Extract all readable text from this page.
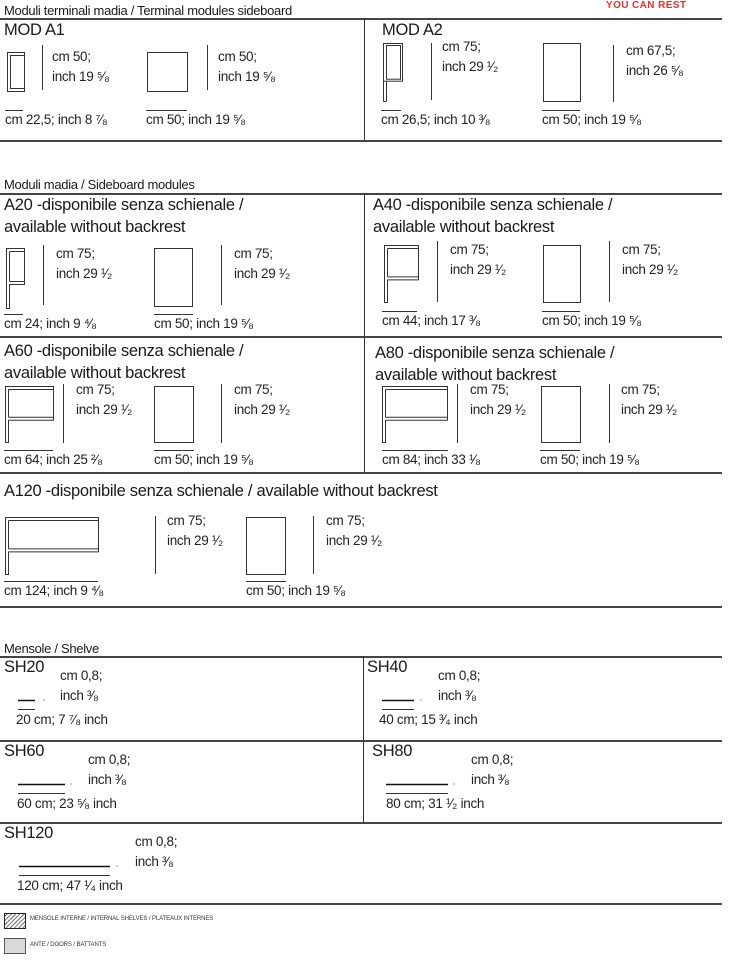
YOU CAN REST
Moduli terminali madia / Terminal modules sideboard
Moduli madia / Sideboard modules
Mensole / Shelve
MENSOLE INTERNE / INTERNAL SHELVES / PLATEAUX INTERNES
ANTE / DOORS / BATTANTS
MOD A1
cm 50;
inch 19 ⁵⁄₈
cm 22,5; inch 8 ⁷⁄₈
cm 50;
inch 19 ⁵⁄₈
cm 50; inch 19 ⁵⁄₈
MOD A2
cm 75;
inch 29 ¹⁄₂
cm 26,5; inch 10 ³⁄₈
cm 67,5;
inch 26 ⁵⁄₈
cm 50; inch 19 ⁵⁄₈
A20 -disponibile senza schienale /
available without backrest
cm 75;
inch 29 ¹⁄₂
cm 24; inch 9 ⁴⁄₈
cm 75;
inch 29 ¹⁄₂
cm 50; inch 19 ⁵⁄₈
A40 -disponibile senza schienale /
available without backrest
cm 75;
inch 29 ¹⁄₂
cm 44; inch 17 ³⁄₈
cm 75;
inch 29 ¹⁄₂
cm 50; inch 19 ⁵⁄₈
A60 -disponibile senza schienale /
available without backrest
cm 75;
inch 29 ¹⁄₂
cm 64; inch 25 ²⁄₈
cm 75;
inch 29 ¹⁄₂
cm 50; inch 19 ⁵⁄₈
A80 -disponibile senza schienale /
available without backrest
cm 75;
inch 29 ¹⁄₂
cm 84; inch 33 ¹⁄₈
cm 75;
inch 29 ¹⁄₂
cm 50; inch 19 ⁵⁄₈
A120 -disponibile senza schienale / available without backrest
cm 75;
inch 29 ¹⁄₂
cm 124; inch 9 ⁴⁄₈
cm 75;
inch 29 ¹⁄₂
cm 50; inch 19 ⁵⁄₈
SH20 cm 0,8;
inch ³⁄₈
20 cm; 7 ⁷⁄₈ inch
SH40 cm 0,8;
inch ³⁄₈
40 cm; 15 ³⁄₄ inch
SH60	cm 0,8;
inch ³⁄₈
60 cm; 23 ⁵⁄₈ inch
SH80	cm 0,8;
inch ³⁄₈
80 cm; 31 ¹⁄₂ inch
SH120	cm 0,8;
inch ³⁄₈
120 cm; 47 ¹⁄₄ inch
